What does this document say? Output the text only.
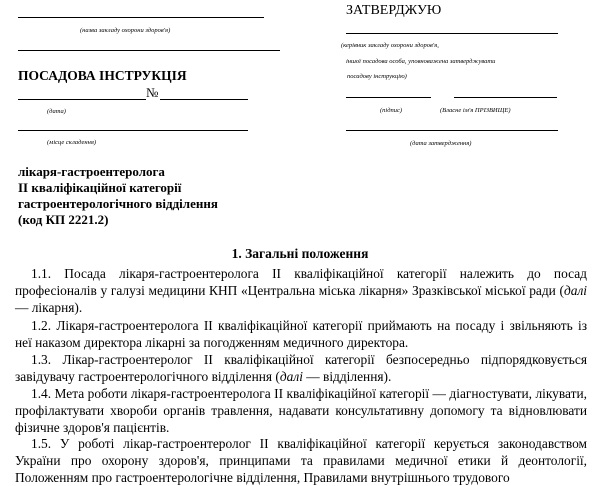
(назва закладу охорони здоров'я)
ПОСАДОВА ІНСТРУКЦІЯ
№
(дата)
(місце складення)
ЗАТВЕРДЖУЮ
(керівник закладу охорони здоров'я,
іншої посадова особа, уповноважена затверджувати
посадову інструкцію)
(підпис)	(Власне ім'я ПРІЗВИЩЕ)
(дата затвердження)
лікаря-гастроентеролога
ІІ кваліфікаційної категорії
гастроентерологічного відділення
(код КП 2221.2)
1. Загальні положення

1.1. Посада лікаря-гастроентеролога ІІ кваліфікаційної категорії належить до посад професіоналів у галузі медицини КНП «Центральна міська лікарня» Зразківської міської ради (далі — лікарня).

1.2. Лікаря-гастроентеролога ІІ кваліфікаційної категорії приймають на посаду і звільняють із неї наказом директора лікарні за погодженням медичного директора.

1.3. Лікар-гастроентеролог ІІ кваліфікаційної категорії безпосередньо підпорядковується завідувачу гастроентерологічного відділення (далі — відділення).

1.4. Мета роботи лікаря-гастроентеролога ІІ кваліфікаційної категорії — діагностувати, лікувати, профілактувати хвороби органів травлення, надавати консультативну допомогу та відновлювати фізичне здоров'я пацієнтів.

1.5. У роботі лікар-гастроентеролог ІІ кваліфікаційної категорії керується законодавством України про охорону здоров'я, принципами та правилами медичної етики й деонтології, Положенням про гастроентерологічне відділення, Правилами внутрішнього трудового
